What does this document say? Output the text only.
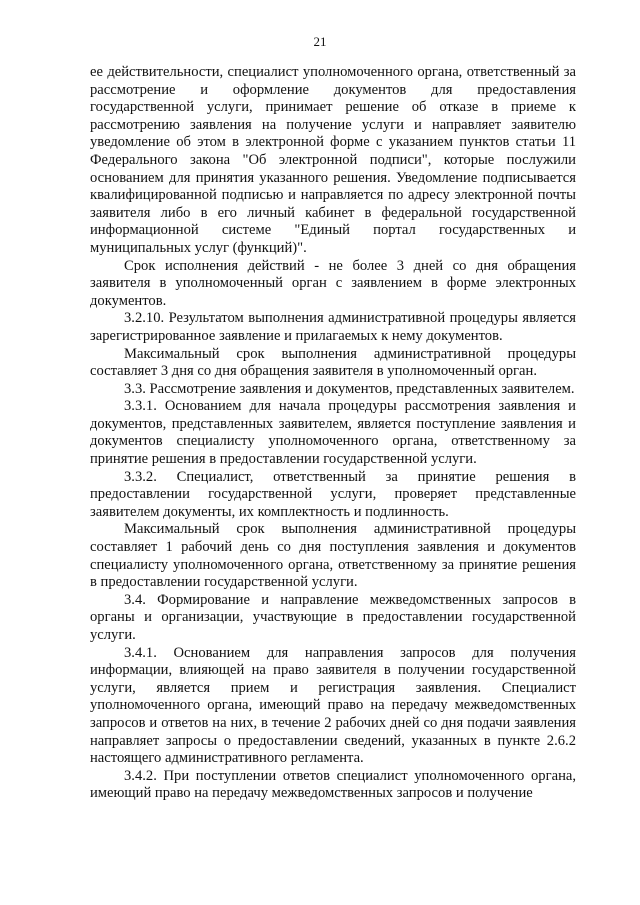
21

ее действительности, специалист уполномоченного органа, ответственный за рассмотрение и оформление документов для предоставления государственной услуги, принимает решение об отказе в приеме к рассмотрению заявления на получение услуги и направляет заявителю уведомление об этом в электронной форме с указанием пунктов статьи 11 Федерального закона "Об электронной подписи", которые послужили основанием для принятия указанного решения. Уведомление подписывается квалифицированной подписью и направляется по адресу электронной почты заявителя либо в его личный кабинет в федеральной государственной информационной системе "Единый портал государственных и муниципальных услуг (функций)".

Срок исполнения действий - не более 3 дней со дня обращения заявителя в уполномоченный орган с заявлением в форме электронных документов.

3.2.10. Результатом выполнения административной процедуры является зарегистрированное заявление и прилагаемых к нему документов.

Максимальный срок выполнения административной процедуры составляет 3 дня со дня обращения заявителя в уполномоченный орган.

3.3. Рассмотрение заявления и документов, представленных заявителем.

3.3.1. Основанием для начала процедуры рассмотрения заявления и документов, представленных заявителем, является поступление заявления и документов специалисту уполномоченного органа, ответственному за принятие решения в предоставлении государственной услуги.

3.3.2. Специалист, ответственный за принятие решения в предоставлении государственной услуги, проверяет представленные заявителем документы, их комплектность и подлинность.

Максимальный срок выполнения административной процедуры составляет 1 рабочий день со дня поступления заявления и документов специалисту уполномоченного органа, ответственному за принятие решения в предоставлении государственной услуги.

3.4. Формирование и направление межведомственных запросов в органы и организации, участвующие в предоставлении государственной услуги.

3.4.1. Основанием для направления запросов для получения информации, влияющей на право заявителя в получении государственной услуги, является прием и регистрация заявления. Специалист уполномоченного органа, имеющий право на передачу межведомственных запросов и ответов на них, в течение 2 рабочих дней со дня подачи заявления направляет запросы о предоставлении сведений, указанных в пункте 2.6.2 настоящего административного регламента.

3.4.2. При поступлении ответов специалист уполномоченного органа, имеющий право на передачу межведомственных запросов и получение
